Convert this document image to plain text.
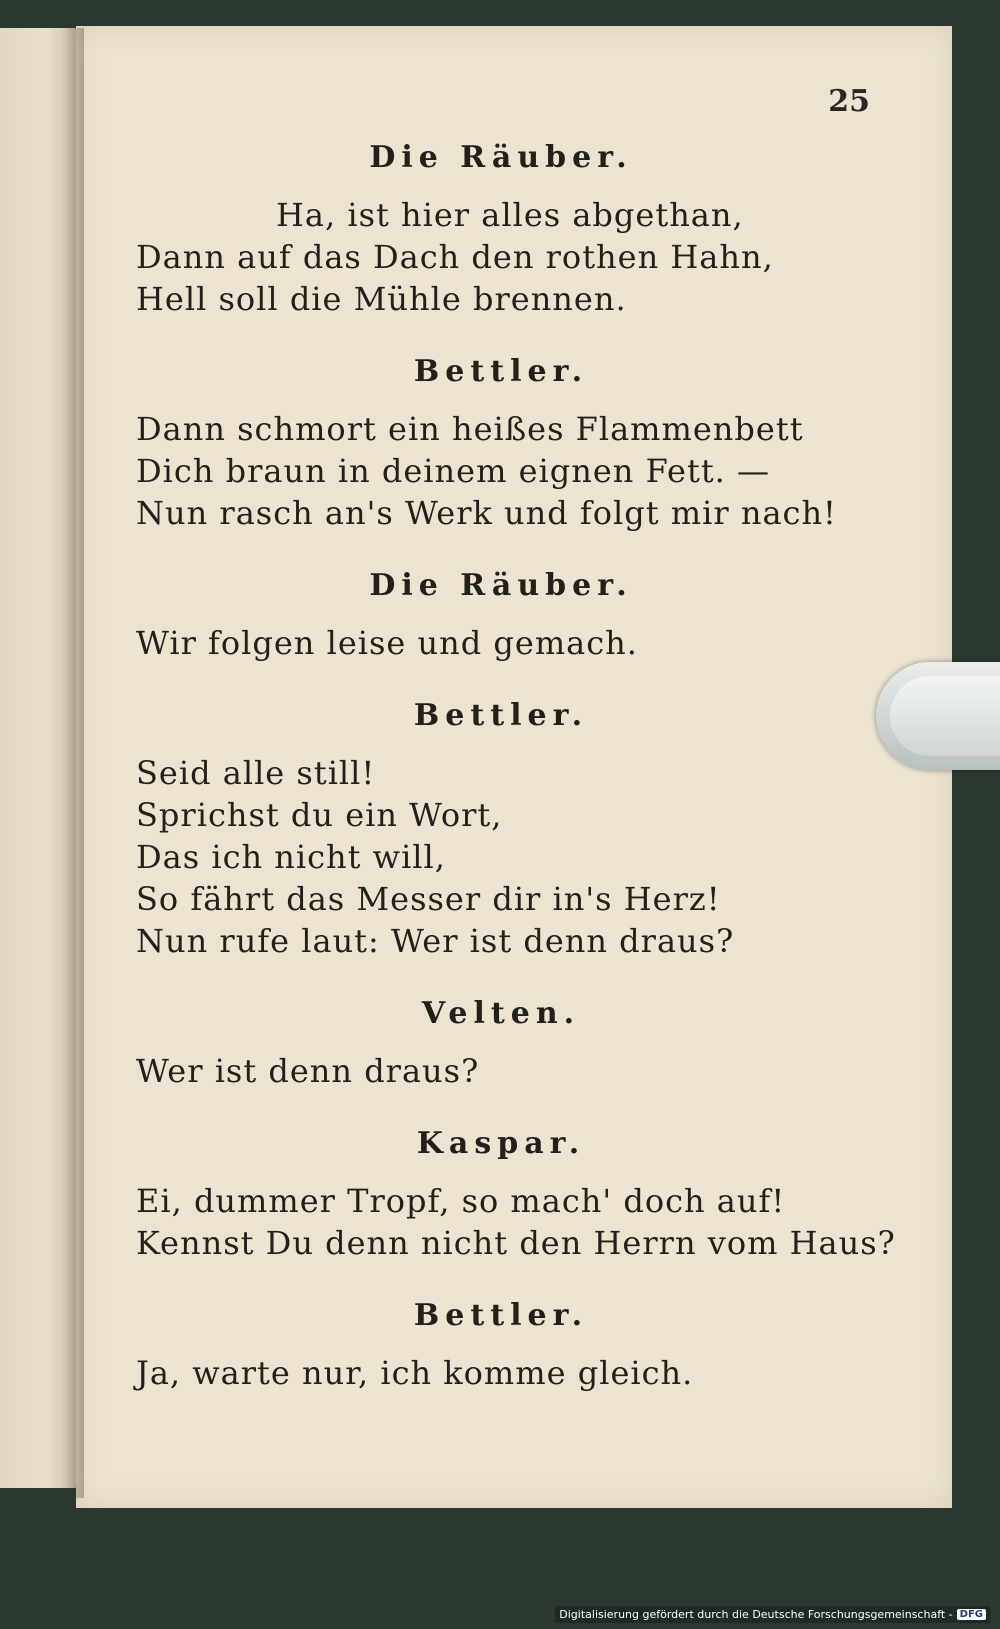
25
Die Räuber.
Ha, ist hier alles abgethan,
Dann auf das Dach den rothen Hahn,
Hell soll die Mühle brennen.
Bettler.
Dann schmort ein heißes Flammenbett
Dich braun in deinem eignen Fett. —
Nun rasch an's Werk und folgt mir nach!
Die Räuber.
Wir folgen leise und gemach.
Bettler.
Seid alle still!
Sprichst du ein Wort,
Das ich nicht will,
So fährt das Messer dir in's Herz!
Nun rufe laut: Wer ist denn draus?
Velten.
Wer ist denn draus?
Kaspar.
Ei, dummer Tropf, so mach' doch auf!
Kennst Du denn nicht den Herrn vom Haus?
Bettler.
Ja, warte nur, ich komme gleich.
Digitalisierung gefördert durch die Deutsche Forschungsgemeinschaft - DFG
